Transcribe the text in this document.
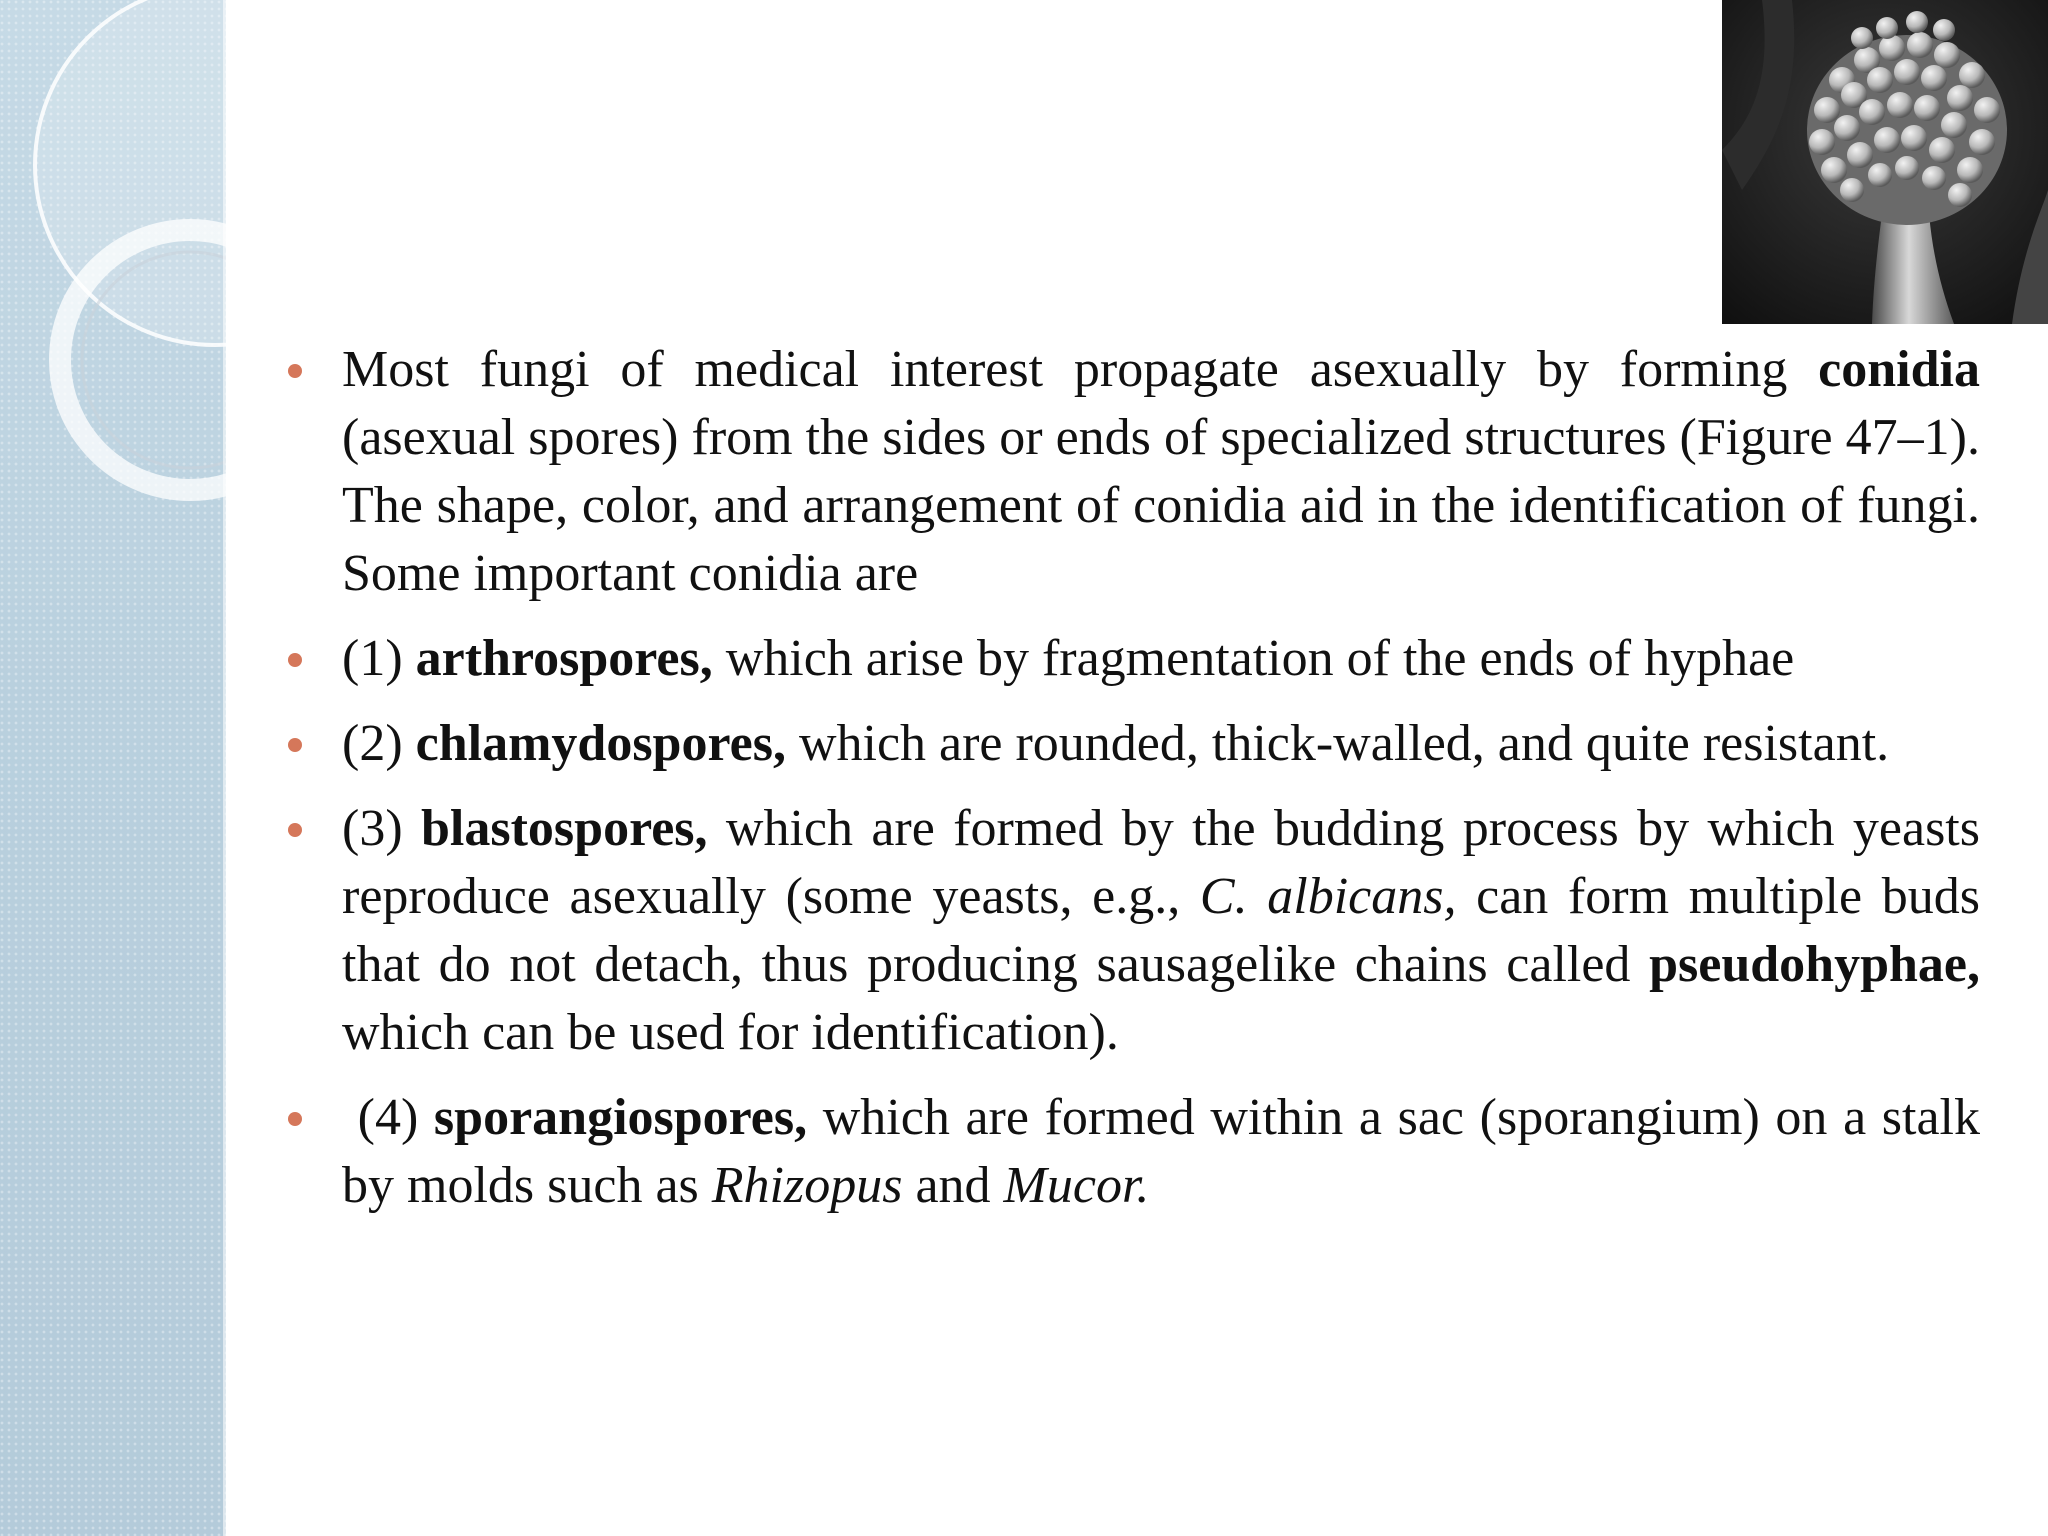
Most fungi of medical interest propagate asexually by forming conidia (asexual spores) from the sides or ends of specialized structures (Figure 47–1). The shape, color, and arrangement of conidia aid in the identification of fungi. Some important conidia are
(1) arthrospores, which arise by fragmentation of the ends of hyphae
(2) chlamydospores, which are rounded, thick-walled, and quite resistant.
(3) blastospores, which are formed by the budding process by which yeasts reproduce asexually (some yeasts, e.g., C. albicans, can form multiple buds that do not detach, thus producing sausagelike chains called pseudohyphae, which can be used for identification).
(4) sporangiospores, which are formed within a sac (sporangium) on a stalk by molds such as Rhizopus and Mucor.
